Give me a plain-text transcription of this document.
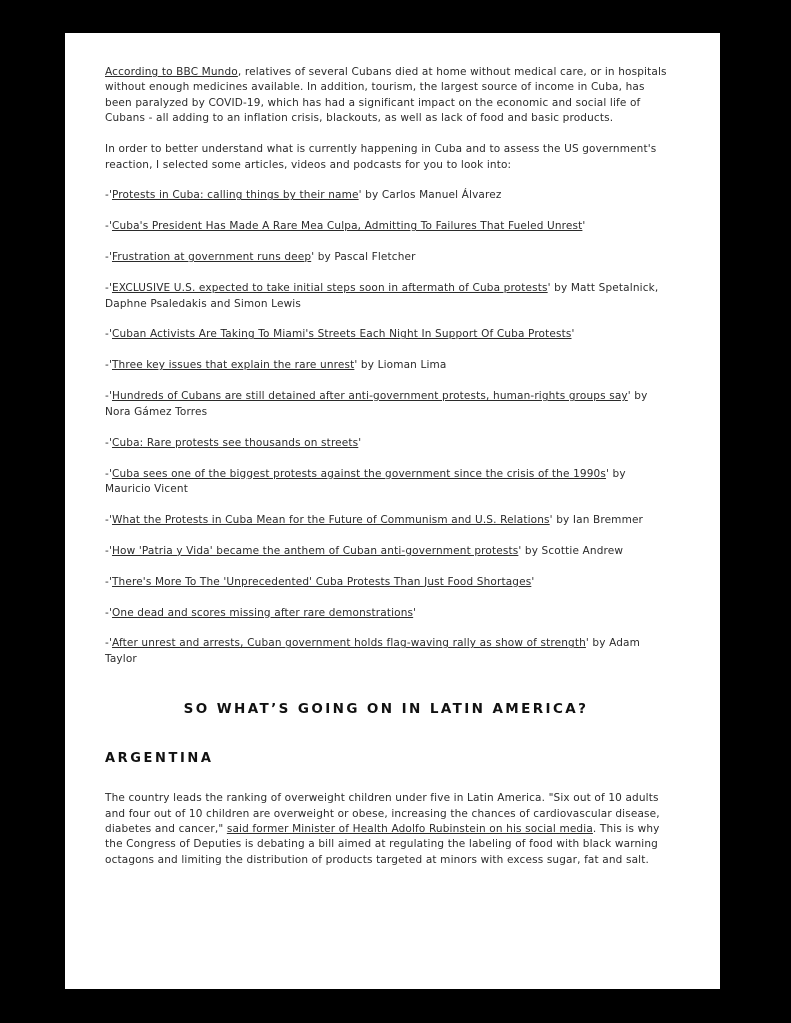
According to BBC Mundo, relatives of several Cubans died at home without medical care, or in hospitals without enough medicines available. In addition, tourism, the largest source of income in Cuba, has been paralyzed by COVID-19, which has had a significant impact on the economic and social life of Cubans - all adding to an inflation crisis, blackouts, as well as lack of food and basic products.

In order to better understand what is currently happening in Cuba and to assess the US government's reaction, I selected some articles, videos and podcasts for you to look into:

-'Protests in Cuba: calling things by their name' by Carlos Manuel Álvarez

-'Cuba's President Has Made A Rare Mea Culpa, Admitting To Failures That Fueled Unrest'

-'Frustration at government runs deep' by Pascal Fletcher

-'EXCLUSIVE U.S. expected to take initial steps soon in aftermath of Cuba protests' by Matt Spetalnick, Daphne Psaledakis and Simon Lewis

-'Cuban Activists Are Taking To Miami's Streets Each Night In Support Of Cuba Protests'

-'Three key issues that explain the rare unrest' by Lioman Lima

-'Hundreds of Cubans are still detained after anti-government protests, human-rights groups say' by Nora Gámez Torres

-'Cuba: Rare protests see thousands on streets'

-'Cuba sees one of the biggest protests against the government since the crisis of the 1990s' by Mauricio Vicent

-'What the Protests in Cuba Mean for the Future of Communism and U.S. Relations' by Ian Bremmer

-'How 'Patria y Vida' became the anthem of Cuban anti-government protests' by Scottie Andrew

-'There's More To The 'Unprecedented' Cuba Protests Than Just Food Shortages'

-'One dead and scores missing after rare demonstrations'

-'After unrest and arrests, Cuban government holds flag-waving rally as show of strength' by Adam Taylor

SO WHAT’S GOING ON IN LATIN AMERICA?
ARGENTINA

The country leads the ranking of overweight children under five in Latin America. "Six out of 10 adults and four out of 10 children are overweight or obese, increasing the chances of cardiovascular disease, diabetes and cancer," said former Minister of Health Adolfo Rubinstein on his social media. This is why the Congress of Deputies is debating a bill aimed at regulating the labeling of food with black warning octagons and limiting the distribution of products targeted at minors with excess sugar, fat and salt.
